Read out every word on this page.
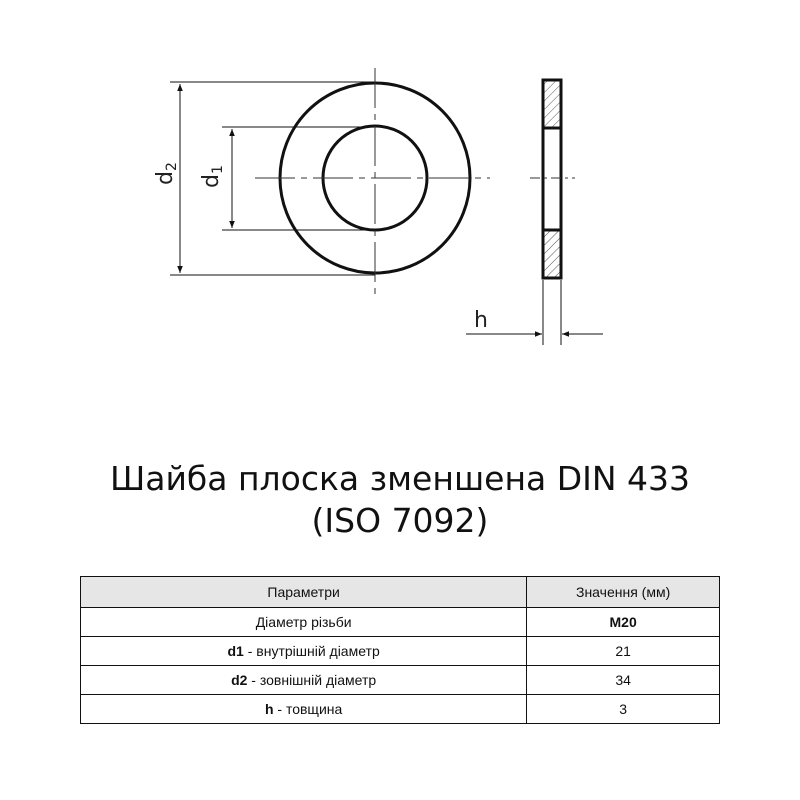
d2
d1
h
Шайба плоска зменшена DIN 433
(ISO 7092)
Параметри	Значення (мм)
Діаметр різьби	M20
d1 - внутрішній діаметр	21
d2 - зовнішній діаметр	34
h - товщина	3
